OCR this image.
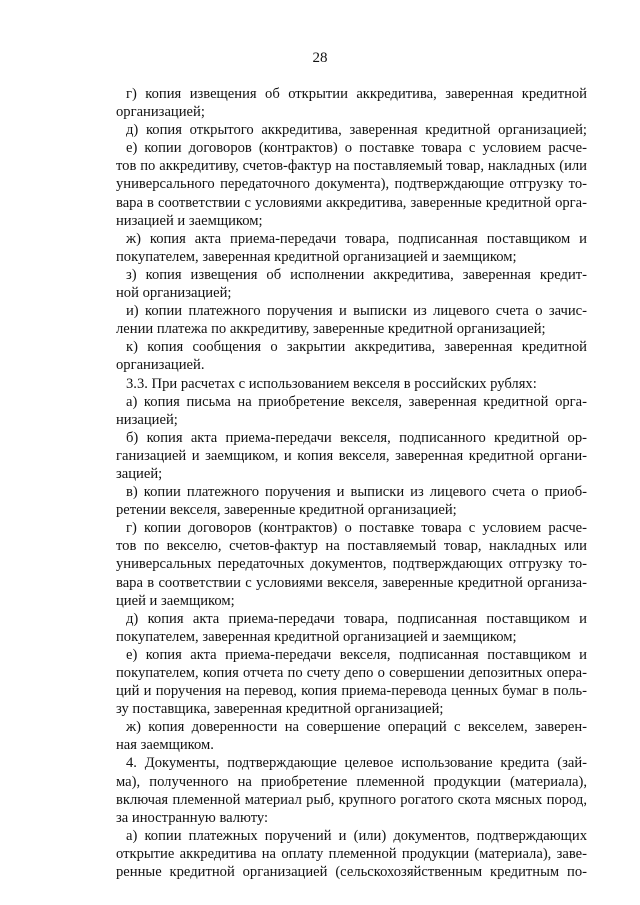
28
г) копия извещения об открытии аккредитива, заверенная кредитной
организацией;
д) копия открытого аккредитива, заверенная кредитной организацией;
е) копии договоров (контрактов) о поставке товара с условием расче-
тов по аккредитиву, счетов-фактур на поставляемый товар, накладных (или
универсального передаточного документа), подтверждающие отгрузку то-
вара в соответствии с условиями аккредитива, заверенные кредитной орга-
низацией и заемщиком;
ж) копия акта приема-передачи товара, подписанная поставщиком и
покупателем, заверенная кредитной организацией и заемщиком;
з) копия извещения об исполнении аккредитива, заверенная кредит-
ной организацией;
и) копии платежного поручения и выписки из лицевого счета о зачис-
лении платежа по аккредитиву, заверенные кредитной организацией;
к) копия сообщения о закрытии аккредитива, заверенная кредитной
организацией.
3.3. При расчетах с использованием векселя в российских рублях:
а) копия письма на приобретение векселя, заверенная кредитной орга-
низацией;
б) копия акта приема-передачи векселя, подписанного кредитной ор-
ганизацией и заемщиком, и копия векселя, заверенная кредитной органи-
зацией;
в) копии платежного поручения и выписки из лицевого счета о приоб-
ретении векселя, заверенные кредитной организацией;
г) копии договоров (контрактов) о поставке товара с условием расче-
тов по векселю, счетов-фактур на поставляемый товар, накладных или
универсальных передаточных документов, подтверждающих отгрузку то-
вара в соответствии с условиями векселя, заверенные кредитной организа-
цией и заемщиком;
д) копия акта приема-передачи товара, подписанная поставщиком и
покупателем, заверенная кредитной организацией и заемщиком;
е) копия акта приема-передачи векселя, подписанная поставщиком и
покупателем, копия отчета по счету депо о совершении депозитных опера-
ций и поручения на перевод, копия приема-перевода ценных бумаг в поль-
зу поставщика, заверенная кредитной организацией;
ж) копия доверенности на совершение операций с векселем, заверен-
ная заемщиком.
4. Документы, подтверждающие целевое использование кредита (зай-
ма), полученного на приобретение племенной продукции (материала),
включая племенной материал рыб, крупного рогатого скота мясных пород,
за иностранную валюту:
а) копии платежных поручений и (или) документов, подтверждающих
открытие аккредитива на оплату племенной продукции (материала), заве-
ренные кредитной организацией (сельскохозяйственным кредитным по-
